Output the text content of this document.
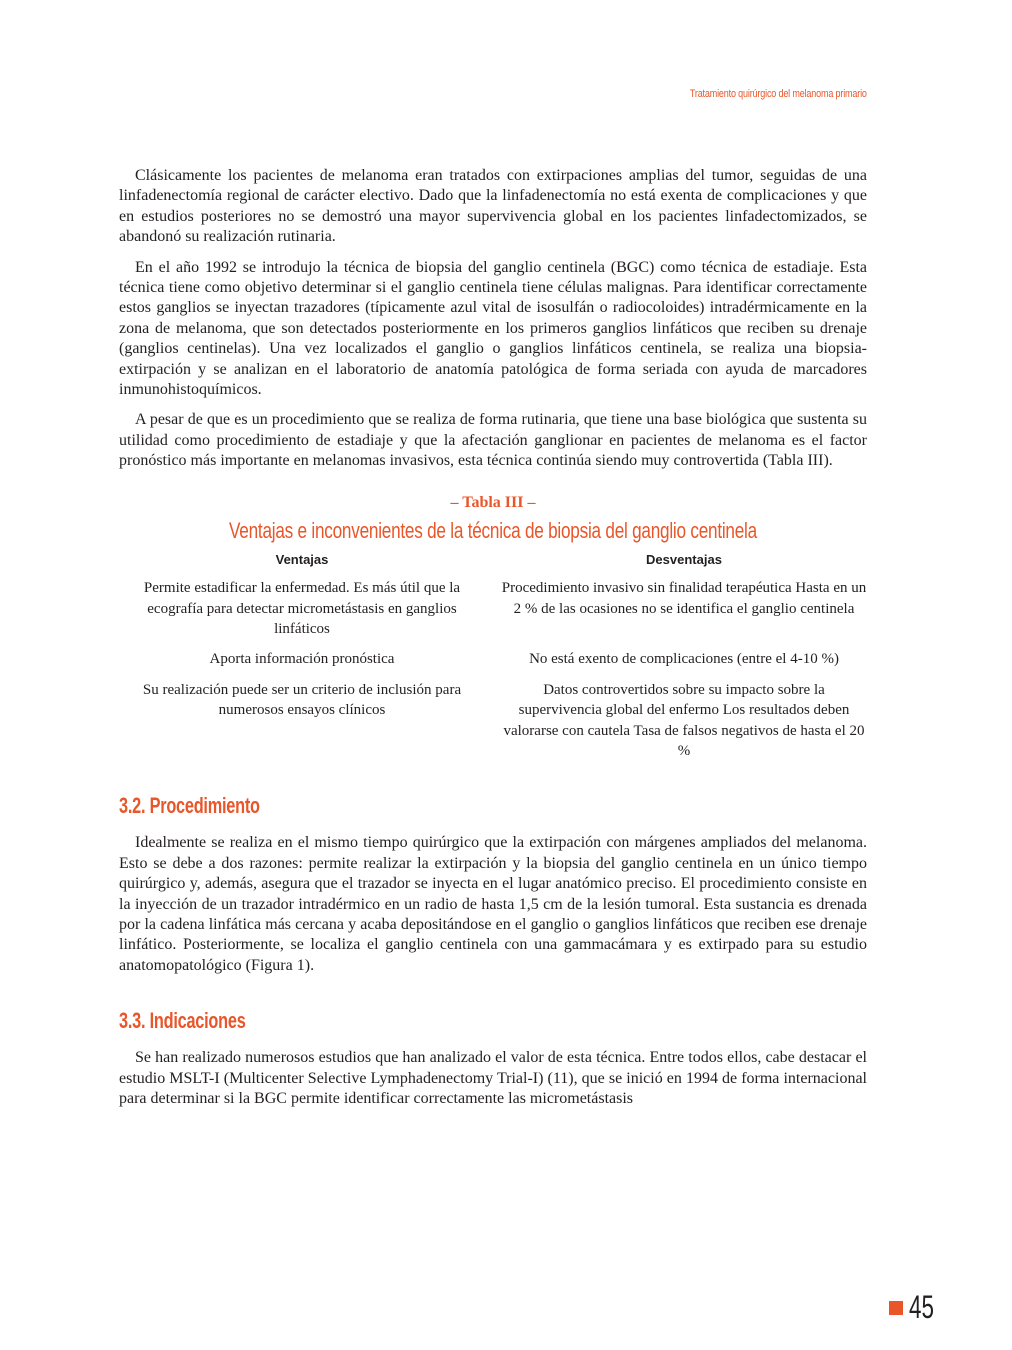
Tratamiento quirúrgico del melanoma primario

Clásicamente los pacientes de melanoma eran tratados con extirpaciones amplias del tumor, seguidas de una linfadenectomía regional de carácter electivo. Dado que la linfadenectomía no está exenta de complicaciones y que en estudios posteriores no se demostró una mayor supervivencia global en los pacientes linfadectomizados, se abandonó su realización rutinaria.

En el año 1992 se introdujo la técnica de biopsia del ganglio centinela (BGC) como técnica de estadiaje. Esta técnica tiene como objetivo determinar si el ganglio centinela tiene células malignas. Para identificar correctamente estos ganglios se inyectan trazadores (típicamente azul vital de isosulfán o radiocoloides) intradérmicamente en la zona de melanoma, que son detectados posteriormente en los primeros ganglios linfáticos que reciben su drenaje (ganglios centinelas). Una vez localizados el ganglio o ganglios linfáticos centinela, se realiza una biopsia-extirpación y se analizan en el laboratorio de anatomía patológica de forma seriada con ayuda de marcadores inmunohistoquímicos.

A pesar de que es un procedimiento que se realiza de forma rutinaria, que tiene una base biológica que sustenta su utilidad como procedimiento de estadiaje y que la afectación ganglionar en pacientes de melanoma es el factor pronóstico más importante en melanomas invasivos, esta técnica continúa siendo muy controvertida (Tabla III).

– Tabla III –
Ventajas e inconvenientes de la técnica de biopsia del ganglio centinela
Ventajas	Desventajas
Permite estadificar la enfermedad. Es más útil que la ecografía para detectar micrometástasis en ganglios linfáticos
Procedimiento invasivo sin finalidad terapéutica Hasta en un 2 % de las ocasiones no se identifica el ganglio centinela
Aporta información pronóstica	No está exento de complicaciones (entre el 4-10 %)
Su realización puede ser un criterio de inclusión para numerosos ensayos clínicos
Datos controvertidos sobre su impacto sobre la supervivencia global del enfermo Los resultados deben valorarse con cautela Tasa de falsos negativos de hasta el 20 %
3.2. Procedimiento

Idealmente se realiza en el mismo tiempo quirúrgico que la extirpación con márgenes ampliados del melanoma. Esto se debe a dos razones: permite realizar la extirpación y la biopsia del ganglio centinela en un único tiempo quirúrgico y, además, asegura que el trazador se inyecta en el lugar anatómico preciso. El procedimiento consiste en la inyección de un trazador intradérmico en un radio de hasta 1,5 cm de la lesión tumoral. Esta sustancia es drenada por la cadena linfática más cercana y acaba depositándose en el ganglio o ganglios linfáticos que reciben ese drenaje linfático. Posteriormente, se localiza el ganglio centinela con una gammacámara y es extirpado para su estudio anatomopatológico (Figura 1).

3.3. Indicaciones

Se han realizado numerosos estudios que han analizado el valor de esta técnica. Entre todos ellos, cabe destacar el estudio MSLT-I (Multicenter Selective Lymphadenectomy Trial-I) (11), que se inició en 1994 de forma internacional para determinar si la BGC permite identificar correctamente las micrometástasis

45
